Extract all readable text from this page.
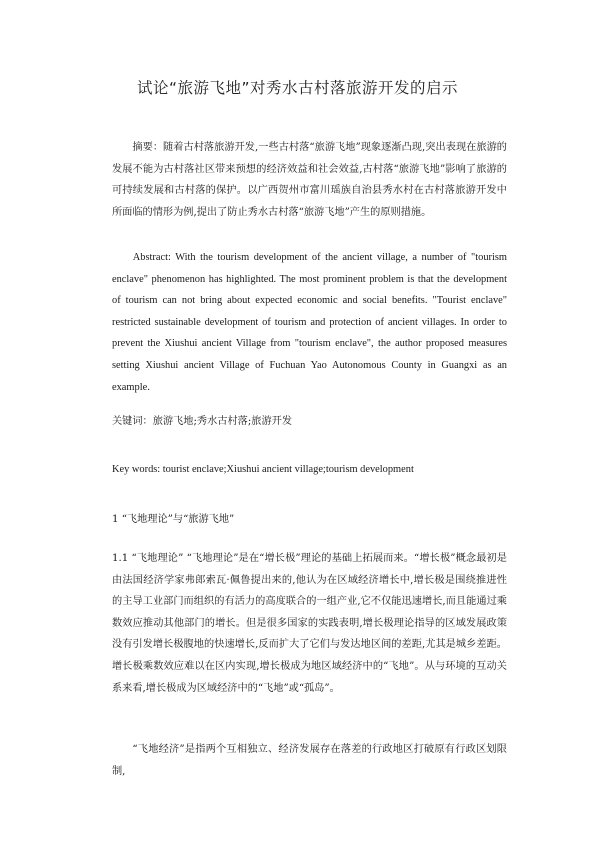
试论“旅游飞地”对秀水古村落旅游开发的启示
摘要：随着古村落旅游开发,一些古村落“旅游飞地”现象逐渐凸现,突出表现在旅游的发展不能为古村落社区带来预想的经济效益和社会效益,古村落“旅游飞地”影响了旅游的可持续发展和古村落的保护。以广西贺州市富川瑶族自治县秀水村在古村落旅游开发中所面临的情形为例,提出了防止秀水古村落“旅游飞地”产生的原则措施。
Abstract: With the tourism development of the ancient village, a number of "tourism enclave" phenomenon has highlighted. The most prominent problem is that the development of tourism can not bring about expected economic and social benefits. "Tourist enclave" restricted sustainable development of tourism and protection of ancient villages. In order to prevent the Xiushui ancient Village from "tourism enclave", the author proposed measures setting Xiushui ancient Village of Fuchuan Yao Autonomous County in Guangxi as an example.
关键词：旅游飞地;秀水古村落;旅游开发
Key words: tourist enclave;Xiushui ancient village;tourism development
1 “飞地理论”与“旅游飞地”
1.1 “飞地理论” “飞地理论”是在“增长极”理论的基础上拓展而来。“增长极”概念最初是由法国经济学家弗郎索瓦·佩鲁提出来的,他认为在区域经济增长中,增长极是围绕推进性的主导工业部门而组织的有活力的高度联合的一组产业,它不仅能迅速增长,而且能通过乘数效应推动其他部门的增长。但是很多国家的实践表明,增长极理论指导的区域发展政策没有引发增长极腹地的快速增长,反而扩大了它们与发达地区间的差距,尤其是城乡差距。增长极乘数效应难以在区内实现,增长极成为地区域经济中的“飞地”。从与环境的互动关系来看,增长极成为区域经济中的“飞地”或“孤岛”。
“飞地经济”是指两个互相独立、经济发展存在落差的行政地区打破原有行政区划限制,
